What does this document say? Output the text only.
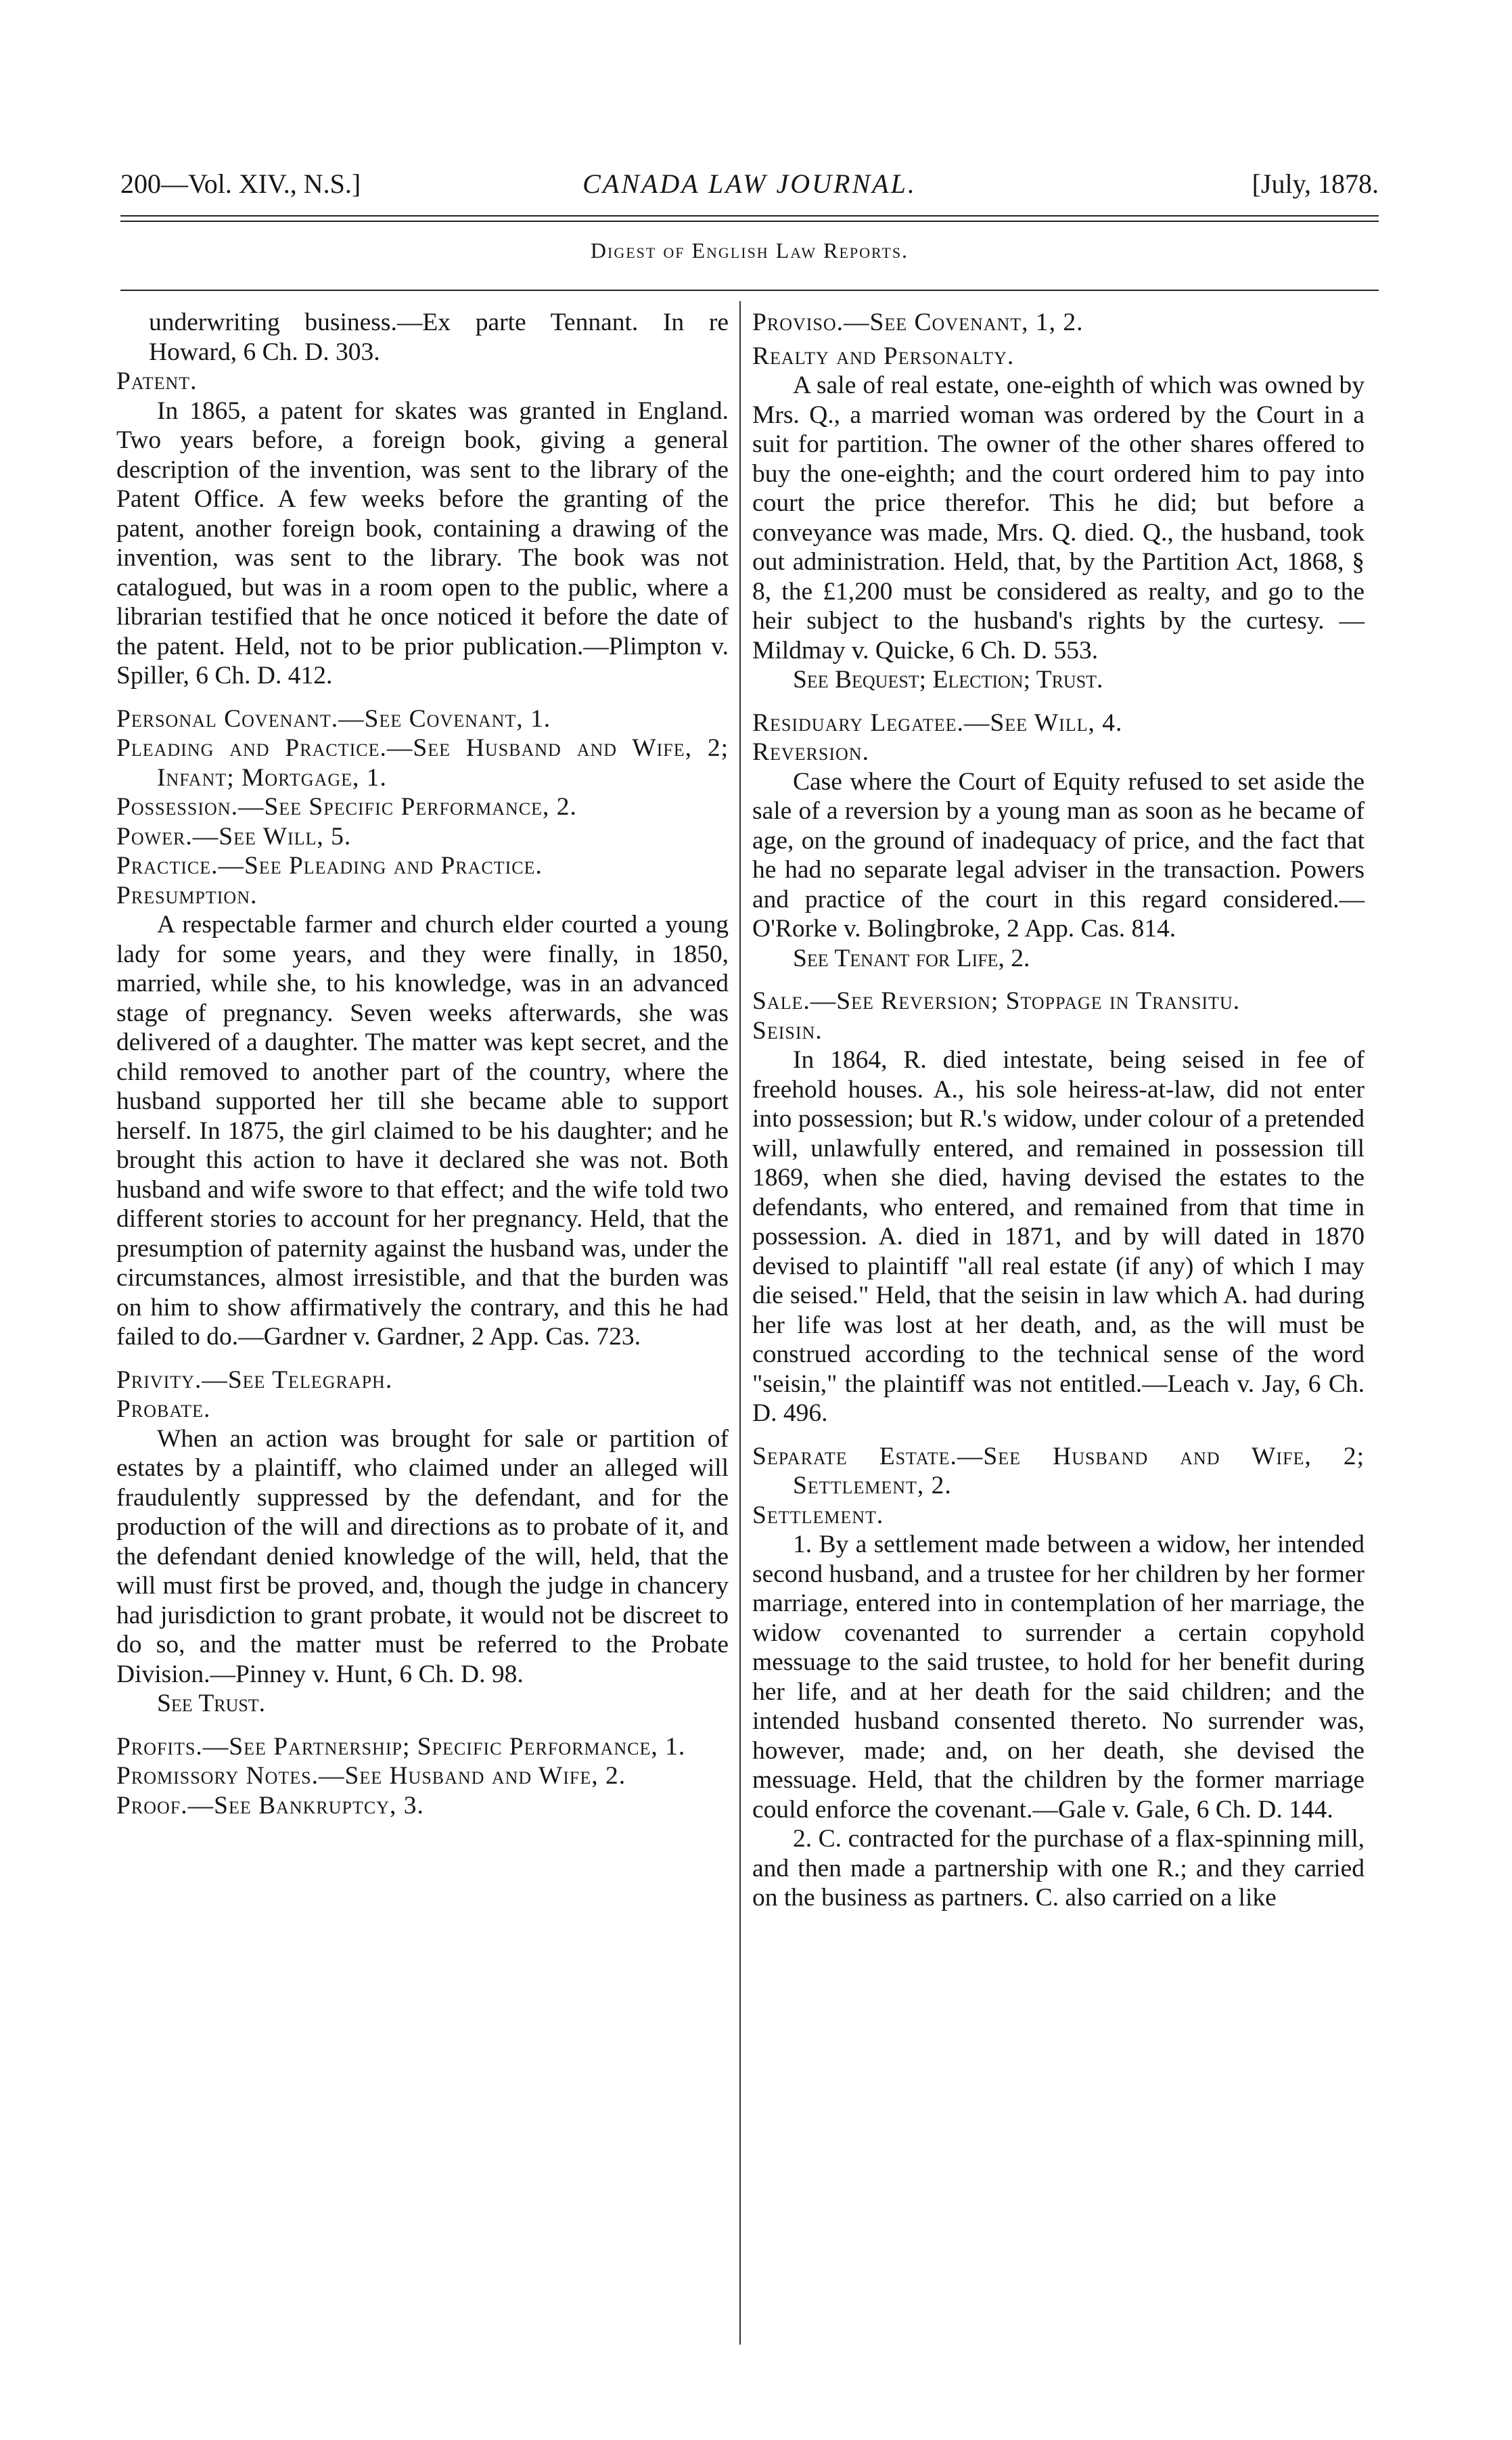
200—Vol. XIV., N.S.]	CANADA LAW JOURNAL.	[July, 1878.
Digest of English Law Reports.

underwriting business.—Ex parte Tennant. In re Howard, 6 Ch. D. 303.

Patent.

In 1865, a patent for skates was granted in England. Two years before, a foreign book, giving a general description of the invention, was sent to the library of the Patent Office. A few weeks before the granting of the patent, another foreign book, containing a drawing of the invention, was sent to the library. The book was not catalogued, but was in a room open to the public, where a librarian testified that he once noticed it before the date of the patent. Held, not to be prior publication.—Plimpton v. Spiller, 6 Ch. D. 412.

Personal Covenant.—See Covenant, 1.

Pleading and Practice.—See Husband and Wife, 2; Infant; Mortgage, 1.

Possession.—See Specific Performance, 2.

Power.—See Will, 5.

Practice.—See Pleading and Practice.

Presumption.

A respectable farmer and church elder courted a young lady for some years, and they were finally, in 1850, married, while she, to his knowledge, was in an advanced stage of pregnancy. Seven weeks afterwards, she was delivered of a daughter. The matter was kept secret, and the child removed to another part of the country, where the husband supported her till she became able to support herself. In 1875, the girl claimed to be his daughter; and he brought this action to have it declared she was not. Both husband and wife swore to that effect; and the wife told two different stories to account for her pregnancy. Held, that the presumption of paternity against the husband was, under the circumstances, almost irresistible, and that the burden was on him to show affirmatively the contrary, and this he had failed to do.—Gardner v. Gardner, 2 App. Cas. 723.

Privity.—See Telegraph.

Probate.

When an action was brought for sale or partition of estates by a plaintiff, who claimed under an alleged will fraudulently suppressed by the defendant, and for the production of the will and directions as to probate of it, and the defendant denied knowledge of the will, held, that the will must first be proved, and, though the judge in chancery had jurisdiction to grant probate, it would not be discreet to do so, and the matter must be referred to the Probate Division.—Pinney v. Hunt, 6 Ch. D. 98.

See Trust.

Profits.—See Partnership; Specific Performance, 1.

Promissory Notes.—See Husband and Wife, 2.

Proof.—See Bankruptcy, 3.

Proviso.—See Covenant, 1, 2.

Realty and Personalty.

A sale of real estate, one-eighth of which was owned by Mrs. Q., a married woman was ordered by the Court in a suit for partition. The owner of the other shares offered to buy the one-eighth; and the court ordered him to pay into court the price therefor. This he did; but before a conveyance was made, Mrs. Q. died. Q., the husband, took out administration. Held, that, by the Partition Act, 1868, § 8, the £1,200 must be considered as realty, and go to the heir subject to the husband's rights by the curtesy. —Mildmay v. Quicke, 6 Ch. D. 553.

See Bequest; Election; Trust.

Residuary Legatee.—See Will, 4.

Reversion.

Case where the Court of Equity refused to set aside the sale of a reversion by a young man as soon as he became of age, on the ground of inadequacy of price, and the fact that he had no separate legal adviser in the transaction. Powers and practice of the court in this regard considered.—O'Rorke v. Bolingbroke, 2 App. Cas. 814.

See Tenant for Life, 2.

Sale.—See Reversion; Stoppage in Transitu.

Seisin.

In 1864, R. died intestate, being seised in fee of freehold houses. A., his sole heiress-at-law, did not enter into possession; but R.'s widow, under colour of a pretended will, unlawfully entered, and remained in possession till 1869, when she died, having devised the estates to the defendants, who entered, and remained from that time in possession. A. died in 1871, and by will dated in 1870 devised to plaintiff "all real estate (if any) of which I may die seised." Held, that the seisin in law which A. had during her life was lost at her death, and, as the will must be construed according to the technical sense of the word "seisin," the plaintiff was not entitled.—Leach v. Jay, 6 Ch. D. 496.

Separate Estate.—See Husband and Wife, 2; Settlement, 2.

Settlement.

1. By a settlement made between a widow, her intended second husband, and a trustee for her children by her former marriage, entered into in contemplation of her marriage, the widow covenanted to surrender a certain copyhold messuage to the said trustee, to hold for her benefit during her life, and at her death for the said children; and the intended husband consented thereto. No surrender was, however, made; and, on her death, she devised the messuage. Held, that the children by the former marriage could enforce the covenant.—Gale v. Gale, 6 Ch. D. 144.

2. C. contracted for the purchase of a flax-spinning mill, and then made a partnership with one R.; and they carried on the business as partners. C. also carried on a like
